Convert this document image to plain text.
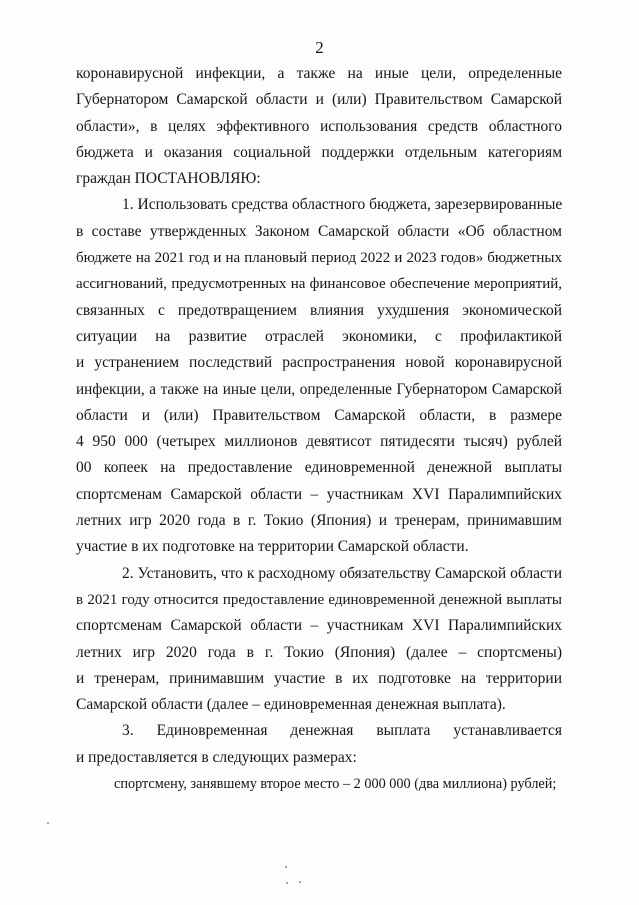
2
коронавирусной инфекции, а также на иные цели, определенные
Губернатором Самарской области и (или) Правительством Самарской
области», в целях эффективного использования средств областного
бюджета и оказания социальной поддержки отдельным категориям
граждан ПОСТАНОВЛЯЮ:
1. Использовать средства областного бюджета, зарезервированные
в составе утвержденных Законом Самарской области «Об областном
бюджете на 2021 год и на плановый период 2022 и 2023 годов» бюджетных
ассигнований, предусмотренных на финансовое обеспечение мероприятий,
связанных с предотвращением влияния ухудшения экономической
ситуации на развитие отраслей экономики, с профилактикой
и устранением последствий распространения новой коронавирусной
инфекции, а также на иные цели, определенные Губернатором Самарской
области и (или) Правительством Самарской области, в размере
4 950 000 (четырех миллионов девятисот пятидесяти тысяч) рублей
00 копеек на предоставление единовременной денежной выплаты
спортсменам Самарской области – участникам XVI Паралимпийских
летних игр 2020 года в г. Токио (Япония) и тренерам, принимавшим
участие в их подготовке на территории Самарской области.
2. Установить, что к расходному обязательству Самарской области
в 2021 году относится предоставление единовременной денежной выплаты
спортсменам Самарской области – участникам XVI Паралимпийских
летних игр 2020 года в г. Токио (Япония) (далее – спортсмены)
и тренерам, принимавшим участие в их подготовке на территории
Самарской области (далее – единовременная денежная выплата).
3. Единовременная денежная выплата устанавливается
и предоставляется в следующих размерах:
спортсмену, занявшему второе место – 2 000 000 (два миллиона) рублей;
